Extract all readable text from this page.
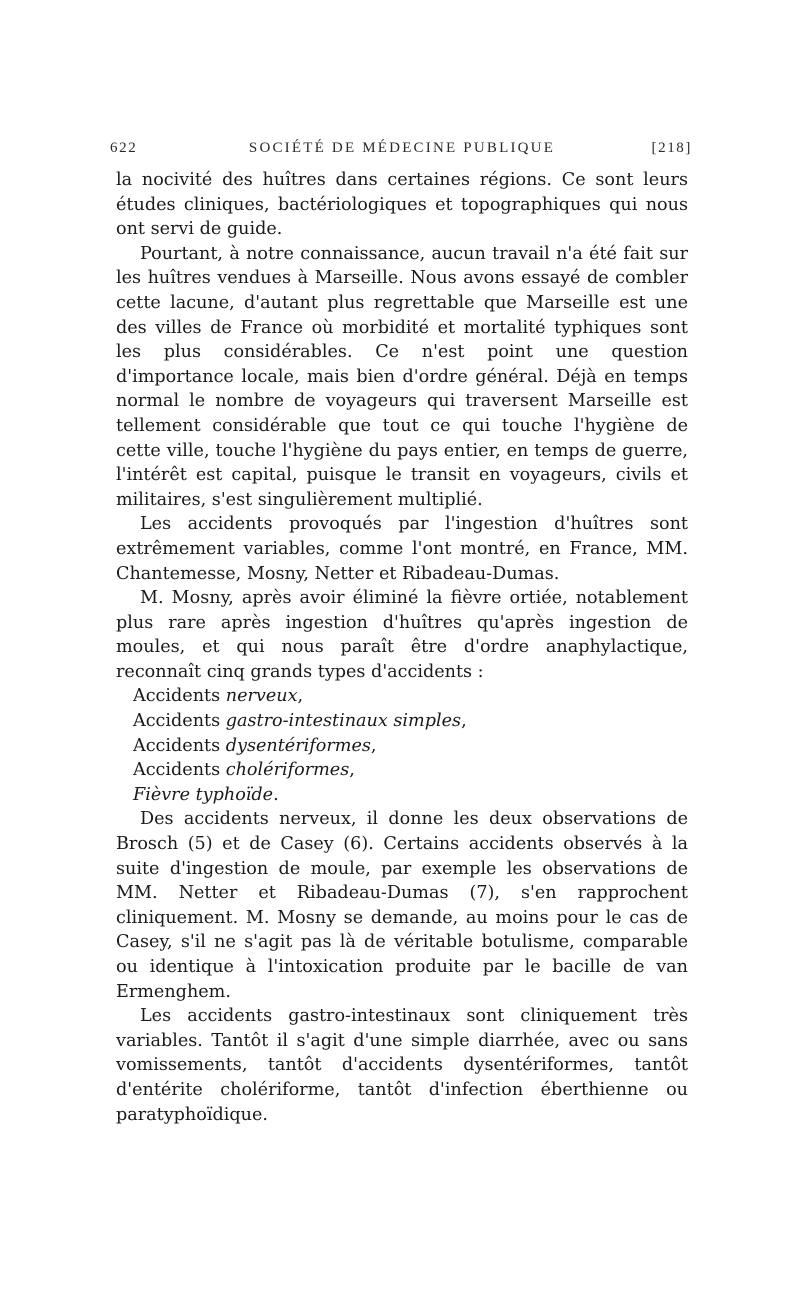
622	SOCIÉTÉ DE MÉDECINE PUBLIQUE	[218]

la nocivité des huîtres dans certaines régions. Ce sont leurs études cliniques, bactériologiques et topographiques qui nous ont servi de guide.

Pourtant, à notre connaissance, aucun travail n'a été fait sur les huîtres vendues à Marseille. Nous avons essayé de combler cette lacune, d'autant plus regrettable que Marseille est une des villes de France où morbidité et mortalité typhiques sont les plus considérables. Ce n'est point une question d'importance locale, mais bien d'ordre général. Déjà en temps normal le nombre de voyageurs qui traversent Marseille est tellement considérable que tout ce qui touche l'hygiène de cette ville, touche l'hygiène du pays entier, en temps de guerre, l'intérêt est capital, puisque le transit en voyageurs, civils et militaires, s'est singulièrement multiplié.

Les accidents provoqués par l'ingestion d'huîtres sont extrêmement variables, comme l'ont montré, en France, MM. Chantemesse, Mosny, Netter et Ribadeau-Dumas.

M. Mosny, après avoir éliminé la fièvre ortiée, notablement plus rare après ingestion d'huîtres qu'après ingestion de moules, et qui nous paraît être d'ordre anaphylactique, reconnaît cinq grands types d'accidents :

Accidents nerveux,

Accidents gastro-intestinaux simples,

Accidents dysentériformes,

Accidents cholériformes,

Fièvre typhoïde.

Des accidents nerveux, il donne les deux observations de Brosch (5) et de Casey (6). Certains accidents observés à la suite d'ingestion de moule, par exemple les observations de MM. Netter et Ribadeau-Dumas (7), s'en rapprochent cliniquement. M. Mosny se demande, au moins pour le cas de Casey, s'il ne s'agit pas là de véritable botulisme, comparable ou identique à l'intoxication produite par le bacille de van Ermenghem.

Les accidents gastro-intestinaux sont cliniquement très variables. Tantôt il s'agit d'une simple diarrhée, avec ou sans vomissements, tantôt d'accidents dysentériformes, tantôt d'entérite cholériforme, tantôt d'infection éberthienne ou paratyphoïdique.
